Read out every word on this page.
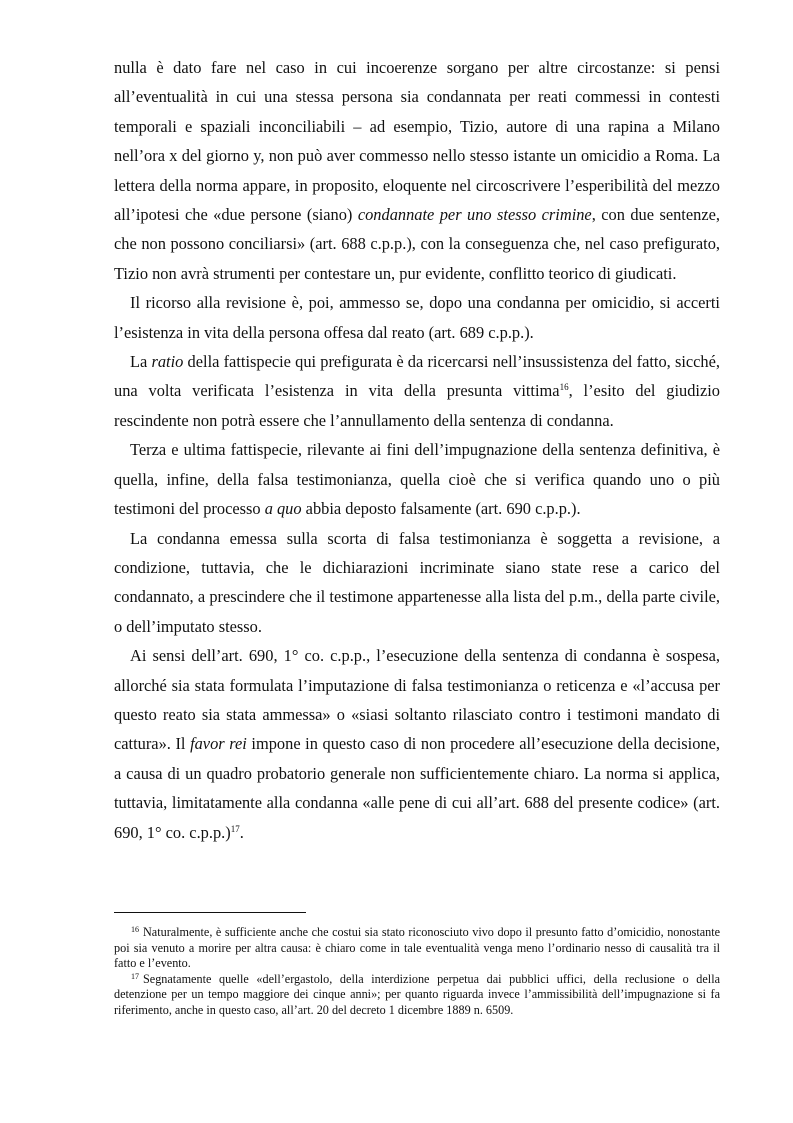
nulla è dato fare nel caso in cui incoerenze sorgano per altre circostanze: si pensi all’eventualità in cui una stessa persona sia condannata per reati commessi in contesti temporali e spaziali inconciliabili – ad esempio, Tizio, autore di una rapina a Milano nell’ora x del giorno y, non può aver commesso nello stesso istante un omicidio a Roma. La lettera della norma appare, in proposito, eloquente nel circoscrivere l’esperibilità del mezzo all’ipotesi che «due persone (siano) condannate per uno stesso crimine, con due sentenze, che non possono conciliarsi» (art. 688 c.p.p.), con la conseguenza che, nel caso prefigurato, Tizio non avrà strumenti per contestare un, pur evidente, conflitto teorico di giudicati.

Il ricorso alla revisione è, poi, ammesso se, dopo una condanna per omicidio, si accerti l’esistenza in vita della persona offesa dal reato (art. 689 c.p.p.).

La ratio della fattispecie qui prefigurata è da ricercarsi nell’insussistenza del fatto, sicché, una volta verificata l’esistenza in vita della presunta vittima$^{16}$, l’esito del giudizio rescindente non potrà essere che l’annullamento della sentenza di condanna.

Terza e ultima fattispecie, rilevante ai fini dell’impugnazione della sentenza definitiva, è quella, infine, della falsa testimonianza, quella cioè che si verifica quando uno o più testimoni del processo a quo abbia deposto falsamente (art. 690 c.p.p.).

La condanna emessa sulla scorta di falsa testimonianza è soggetta a revisione, a condizione, tuttavia, che le dichiarazioni incriminate siano state rese a carico del condannato, a prescindere che il testimone appartenesse alla lista del p.m., della parte civile, o dell’imputato stesso.

Ai sensi dell’art. 690, 1° co. c.p.p., l’esecuzione della sentenza di condanna è sospesa, allorché sia stata formulata l’imputazione di falsa testimonianza o reticenza e «l’accusa per questo reato sia stata ammessa» o «siasi soltanto rilasciato contro i testimoni mandato di cattura». Il favor rei impone in questo caso di non procedere all’esecuzione della decisione, a causa di un quadro probatorio generale non sufficientemente chiaro. La norma si applica, tuttavia, limitatamente alla condanna «alle pene di cui all’art. 688 del presente codice» (art. 690, 1° co. c.p.p.)$^{17}$.

$^{16}$ Naturalmente, è sufficiente anche che costui sia stato riconosciuto vivo dopo il presunto fatto d’omicidio, nonostante poi sia venuto a morire per altra causa: è chiaro come in tale eventualità venga meno l’ordinario nesso di causalità tra il fatto e l’evento.

$^{17}$ Segnatamente quelle «dell’ergastolo, della interdizione perpetua dai pubblici uffici, della reclusione o della detenzione per un tempo maggiore dei cinque anni»; per quanto riguarda invece l’ammissibilità dell’impugnazione si fa riferimento, anche in questo caso, all’art. 20 del decreto 1 dicembre 1889 n. 6509.
